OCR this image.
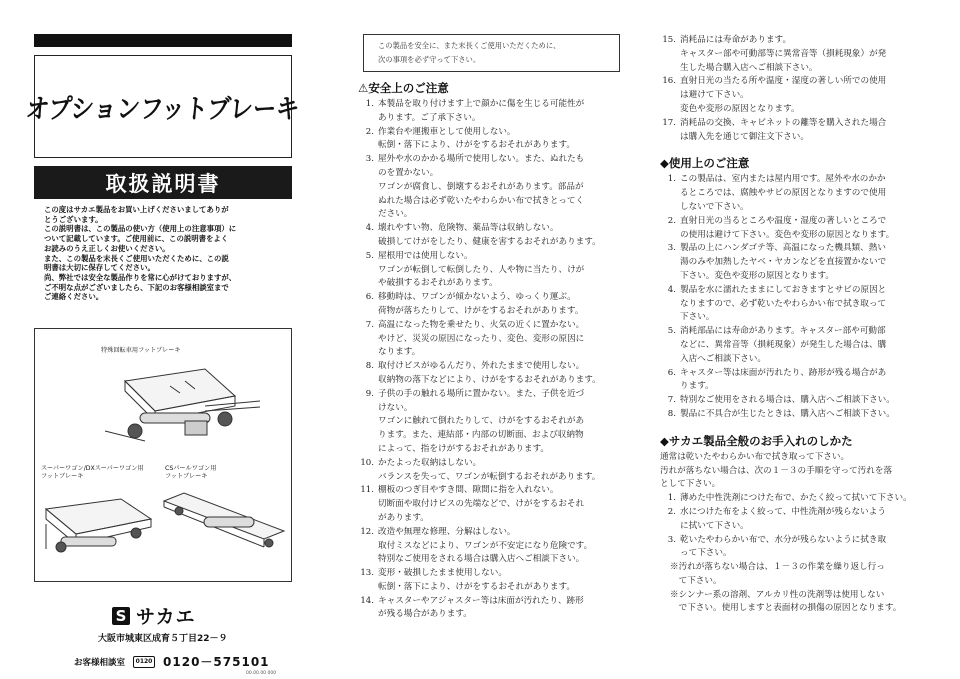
オプションフットブレーキ
取扱説明書

この度はサカエ製品をお買い上げくださいましてありが
とうございます。

この説明書は、この製品の使い方（使用上の注意事項）に
ついて記載しています。ご使用前に、この説明書をよく
お読みのうえ正しくお使いください。

また、この製品を末長くご使用いただくために、この説
明書は大切に保存してください。

尚、弊社では安全な製品作りを常に心がけておりますが、
ご不明な点がございましたら、下記のお客様相談室まで
ご連絡ください。

特殊回転車用フットブレーキ
スーパーワゴン/DXスーパーワゴン用
フットブレーキ
CSパールワゴン用
フットブレーキ
S サカエ
大阪市城東区成育５丁目22－９
お客様相談室	0120 0120－575101
00.00.00 000

この製品を安全に、また末長くご使用いただくために、

次の事項を必ず守って下さい。

⚠安全上のご注意
1. 本製品を取り付けます上で顔かに傷を生じる可能性が
あります。ご了承下さい。
2. 作業台や運搬車として使用しない。
転倒・落下により、けがをするおそれがあります。
3. 屋外や水のかかる場所で使用しない。また、ぬれたも
のを置かない。
ワゴンが腐食し、倒壊するおそれがあります。部品が
ぬれた場合は必ず乾いたやわらかい布で拭きとってく
ださい。
4. 壊れやすい物、危険物、薬品等は収納しない。
破損してけがをしたり、健康を害するおそれがあります。
5. 屋根用では使用しない。
ワゴンが転倒して転倒したり、人や物に当たり、けが
や破損するおそれがあります。
6. 移動時は、ワゴンが傾かないよう、ゆっくり運ぶ。
荷物が落ちたりして、けがをするおそれがあります。
7. 高温になった物を乗せたり、火気の近くに置かない。
やけど、災災の原因になったり、変色、変形の原因に
なります。
8. 取付けビスがゆるんだり、外れたままで使用しない。
収納物の落下などにより、けがをするおそれがあります。
9. 子供の手の触れる場所に置かない。また、子供を近づ
けない。
ワゴンに触れて倒れたりして、けがをするおそれがあ
ります。また、連結部・内部の切断面、および収納物
によって、指をけがするおそれがあります。
10. かたよった収納はしない。
バランスを失って、ワゴンが転倒するおそれがあります。
11. 棚板のつぎ目やすき間、隙間に指を入れない。
切断面や取付けビスの先端などで、けがをするおそれ
があります。
12. 改造や無理な修理、分解はしない。
取付ミスなどにより、ワゴンが不安定になり危険です。
特別なご使用をされる場合は購入店へご相談下さい。
13. 変形・破損したまま使用しない。
転倒・落下により、けがをするおそれがあります。
14. キャスターやアジャスター等は床面が汚れたり、跡形
が残る場合があります。
15. 消耗品には寿命があります。
キャスター部や可動部等に異常音等（損耗現象）が発
生した場合購入店へご相談下さい。
16. 直射日光の当たる所や温度・湿度の著しい所での使用
は避けて下さい。
変色や変形の原因となります。
17. 消耗品の交換、キャビネットの離等を購入された場合
は購入先を通じて御注文下さい。
◆使用上のご注意
1. この製品は、室内または屋内用です。屋外や水のかか
るところでは、腐蝕やサビの原因となりますので使用
しないで下さい。
2. 直射日光の当るところや温度・湿度の著しいところで
の使用は避けて下さい。変色や変形の原因となります。
3. 製品の上にハンダゴテ等、高温になった機具類、熱い
湯のみや加熱したヤベ・ヤカンなどを直接置かないで
下さい。変色や変形の原因となります。
4. 製品を水に濡れたままにしておきますとサビの原因と
なりますので、必ず乾いたやわらかい布で拭き取って
下さい。
5. 消耗部品には寿命があります。キャスター部や可動部
などに、異常音等（損耗現象）が発生した場合は、購
入店へご相談下さい。
6. キャスター等は床面が汚れたり、跡形が残る場合があ
ります。
7. 特別なご使用をされる場合は、購入店へご相談下さい。
8. 製品に不具合が生じたときは、購入店へご相談下さい。
◆サカエ製品全般のお手入れのしかた
通常は乾いたやわらかい布で拭き取って下さい。
汚れが落ちない場合は、次の１－３の手順を守って汚れを落
として下さい。
1. 薄めた中性洗剤につけた布で、かたく絞って拭いて下さい。
2. 水につけた布をよく絞って、中性洗剤が残らないよう
に拭いて下さい。
3. 乾いたやわらかい布で、水分が残らないように拭き取
って下さい。
※汚れが落ちない場合は、１－３の作業を繰り返し行っ
　て下さい。
※シンナー系の溶剤、アルカリ性の洗剤等は使用しない
　で下さい。使用しますと表面材の損傷の原因となります。
